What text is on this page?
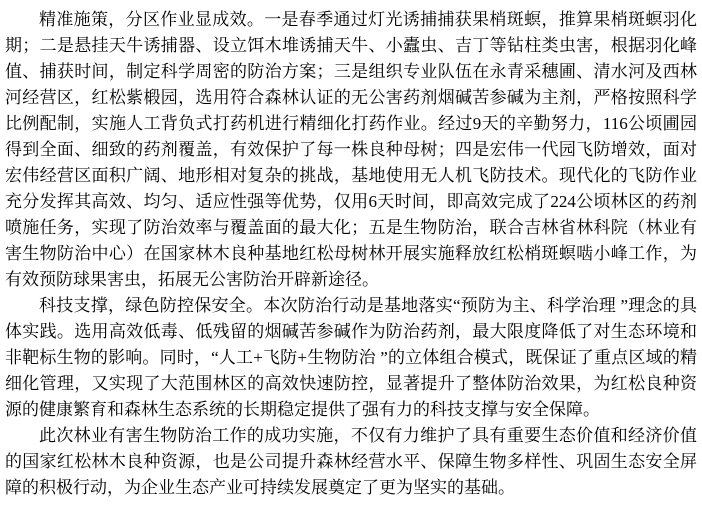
精准施策，分区作业显成效。一是春季通过灯光诱捕捕获果梢斑螟，推算果梢斑螟羽化期；二是悬挂天牛诱捕器、设立饵木堆诱捕天牛、小蠹虫、吉丁等钻柱类虫害，根据羽化峰值、捕获时间，制定科学周密的防治方案；三是组织专业队伍在永青采穗圃、清水河及西林河经营区，红松紫椴园，选用符合森林认证的无公害药剂烟碱苦参碱为主剂，严格按照科学比例配制，实施人工背负式打药机进行精细化打药作业。经过9天的辛勤努力，116公顷圃园得到全面、细致的药剂覆盖，有效保护了每一株良种母树；四是宏伟一代园飞防增效，面对宏伟经营区面积广阔、地形相对复杂的挑战，基地使用无人机飞防技术。现代化的飞防作业充分发挥其高效、均匀、适应性强等优势，仅用6天时间，即高效完成了224公顷林区的药剂喷施任务，实现了防治效率与覆盖面的最大化；五是生物防治，联合吉林省林科院（林业有害生物防治中心）在国家林木良种基地红松母树林开展实施释放红松梢斑螟啮小峰工作，为有效预防球果害虫，拓展无公害防治开辟新途径。

科技支撑，绿色防控保安全。本次防治行动是基地落实“预防为主、科学治理 ”理念的具体实践。选用高效低毒、低残留的烟碱苦参碱作为防治药剂，最大限度降低了对生态环境和非靶标生物的影响。同时，“人工+飞防+生物防治 ”的立体组合模式，既保证了重点区域的精细化管理，又实现了大范围林区的高效快速防控，显著提升了整体防治效果，为红松良种资源的健康繁育和森林生态系统的长期稳定提供了强有力的科技支撑与安全保障。

此次林业有害生物防治工作的成功实施，不仅有力维护了具有重要生态价值和经济价值的国家红松林木良种资源，也是公司提升森林经营水平、保障生物多样性、巩固生态安全屏障的积极行动，为企业生态产业可持续发展奠定了更为坚实的基础。
